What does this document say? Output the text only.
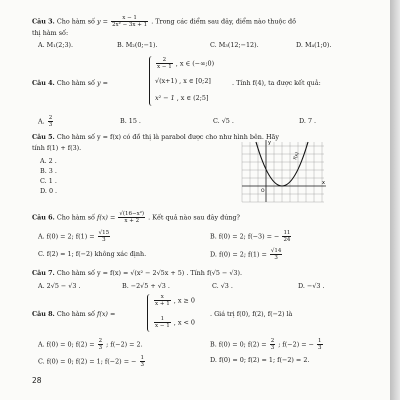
Câu 3. Cho hàm số $y = \frac{x - 1}{\text{2x² − 3x + 1}}$ . Trong các điểm sau đây, điểm nào thuộc đồ
thị hàm số:
A. M₁(2;3).	B. M₂(0;−1).	C. M₃(12;−12).	D. M₄(1;0).
Câu 4. Cho hàm số y =
$\frac{2}{x - 1}$ , x ∈ (−∞;0)
√(x+1) , x ∈ [0;2]
x² − 1 , x ∈ (2;5]
. Tính f(4), ta được kết quả:
A. $\frac{2}{3}$	B. 15 .	C. √5 .	D. 7 .
Câu 5. Cho hàm số y = f(x) có đồ thị là parabol được cho như hình bên. Hãy
tính f(1) + f(3).
A. 2 .
B. 3 .
C. 1 .
D. 0 .
y
x
O
f(x)
Câu 6. Cho hàm số $f(x) = \frac{\text{√(16−x²)}}{x + 2}$ . Kết quả nào sau đây đúng?
A. f(0) = 2; $f(1) = \frac{√15}{3}$	B. f(0) = 2; f(−3) = − $\frac{11}{24}$
C. f(2) = 1; f(−2) không xác định.	D. f(0) = 2; $f(1) = \frac{√14}{3}$
Câu 7. Cho hàm số y = f(x) = √(x² − 2√5x + 5) . Tính f(√5 − √3).
A. 2√5 − √3 .	B. −2√5 + √3 .	C. √3 .	D. −√3 .
Câu 8. Cho hàm số f(x) =
$\frac{x}{x + 1}$ , x ≥ 0
$\frac{1}{x - 1}$ , x < 0
. Giá trị f(0), f(2), f(−2) là
A. f(0) = 0; $f(2) = \frac{2}{3}$ ; f(−2) = 2.	B. f(0) = 0; $f(2) = \frac{2}{3}$ ; f(−2) = − $\frac{1}{3}$
C. f(0) = 0; f(2) = 1; f(−2) = − $\frac{1}{3}$	D. f(0) = 0; f(2) = 1; f(−2) = 2.
28
